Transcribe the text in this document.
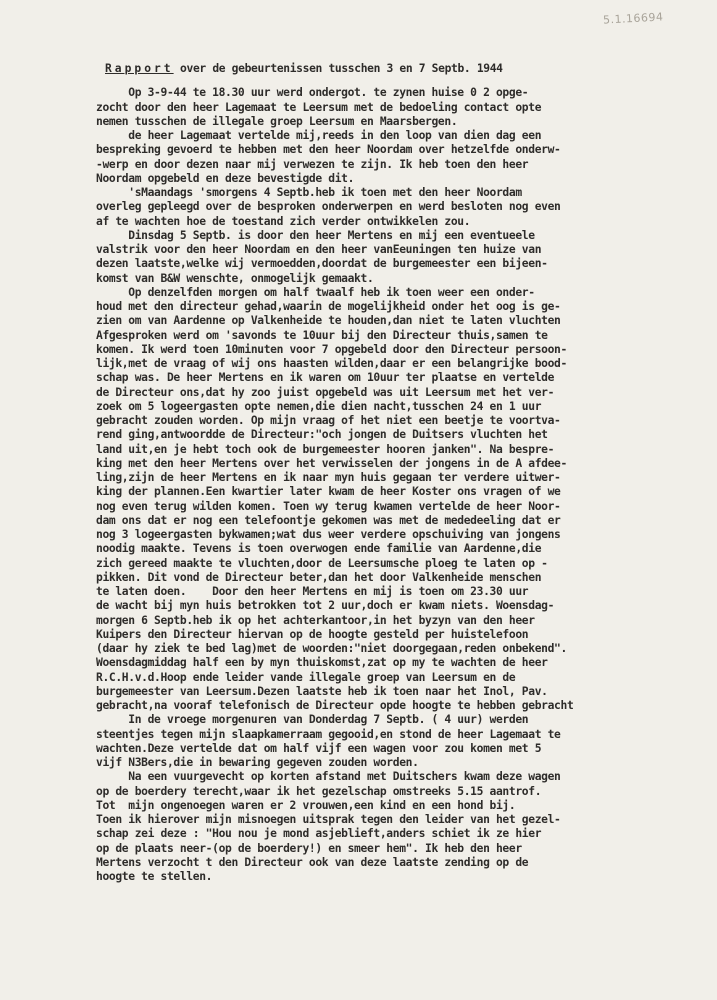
5.1.16694
Rapport over de gebeurtenissen tusschen 3 en 7 Septb. 1944
Op 3-9-44 te 18.30 uur werd ondergot. te zynen huise 0 2 opge-
zocht door den heer Lagemaat te Leersum met de bedoeling contact opte
nemen tusschen de illegale groep Leersum en Maarsbergen.
de heer Lagemaat vertelde mij,reeds in den loop van dien dag een
bespreking gevoerd te hebben met den heer Noordam over hetzelfde onderw-
-werp en door dezen naar mij verwezen te zijn. Ik heb toen den heer
Noordam opgebeld en deze bevestigde dit.
'sMaandags 'smorgens 4 Septb.heb ik toen met den heer Noordam
overleg gepleegd over de besproken onderwerpen en werd besloten nog even
af te wachten hoe de toestand zich verder ontwikkelen zou.
Dinsdag 5 Septb. is door den heer Mertens en mij een eventueele
valstrik voor den heer Noordam en den heer vanEeuningen ten huize van
dezen laatste,welke wij vermoedden,doordat de burgemeester een bijeen-
komst van B&W wenschte, onmogelijk gemaakt.
Op denzelfden morgen om half twaalf heb ik toen weer een onder-
houd met den directeur gehad,waarin de mogelijkheid onder het oog is ge-
zien om van Aardenne op Valkenheide te houden,dan niet te laten vluchten
Afgesproken werd om 'savonds te 10uur bij den Directeur thuis,samen te
komen. Ik werd toen 10minuten voor 7 opgebeld door den Directeur persoon-
lijk,met de vraag of wij ons haasten wilden,daar er een belangrijke bood-
schap was. De heer Mertens en ik waren om 10uur ter plaatse en vertelde
de Directeur ons,dat hy zoo juist opgebeld was uit Leersum met het ver-
zoek om 5 logeergasten opte nemen,die dien nacht,tusschen 24 en 1 uur
gebracht zouden worden. Op mijn vraag of het niet een beetje te voortva-
rend ging,antwoordde de Directeur:"och jongen de Duitsers vluchten het
land uit,en je hebt toch ook de burgemeester hooren janken". Na bespre-
king met den heer Mertens over het verwisselen der jongens in de A afdee-
ling,zijn de heer Mertens en ik naar myn huis gegaan ter verdere uitwer-
king der plannen.Een kwartier later kwam de heer Koster ons vragen of we
nog even terug wilden komen. Toen wy terug kwamen vertelde de heer Noor-
dam ons dat er nog een telefoontje gekomen was met de mededeeling dat er
nog 3 logeergasten bykwamen;wat dus weer verdere opschuiving van jongens
noodig maakte. Tevens is toen overwogen ende familie van Aardenne,die
zich gereed maakte te vluchten,door de Leersumsche ploeg te laten op -
pikken. Dit vond de Directeur beter,dan het door Valkenheide menschen
te laten doen.    Door den heer Mertens en mij is toen om 23.30 uur
de wacht bij myn huis betrokken tot 2 uur,doch er kwam niets. Woensdag-
morgen 6 Septb.heb ik op het achterkantoor,in het byzyn van den heer
Kuipers den Directeur hiervan op de hoogte gesteld per huistelefoon
(daar hy ziek te bed lag)met de woorden:"niet doorgegaan,reden onbekend".
Woensdagmiddag half een by myn thuiskomst,zat op my te wachten de heer
R.C.H.v.d.Hoop ende leider vande illegale groep van Leersum en de
burgemeester van Leersum.Dezen laatste heb ik toen naar het Inol, Pav.
gebracht,na vooraf telefonisch de Directeur opde hoogte te hebben gebracht
In de vroege morgenuren van Donderdag 7 Septb. ( 4 uur) werden
steentjes tegen mijn slaapkamerraam gegooid,en stond de heer Lagemaat te
wachten.Deze vertelde dat om half vijf een wagen voor zou komen met 5
vijf N3Bers,die in bewaring gegeven zouden worden.
Na een vuurgevecht op korten afstand met Duitschers kwam deze wagen
op de boerdery terecht,waar ik het gezelschap omstreeks 5.15 aantrof.
Tot  mijn ongenoegen waren er 2 vrouwen,een kind en een hond bij.
Toen ik hierover mijn misnoegen uitsprak tegen den leider van het gezel-
schap zei deze : "Hou nou je mond asjeblieft,anders schiet ik ze hier
op de plaats neer-(op de boerdery!) en smeer hem". Ik heb den heer
Mertens verzocht t den Directeur ook van deze laatste zending op de
hoogte te stellen.
